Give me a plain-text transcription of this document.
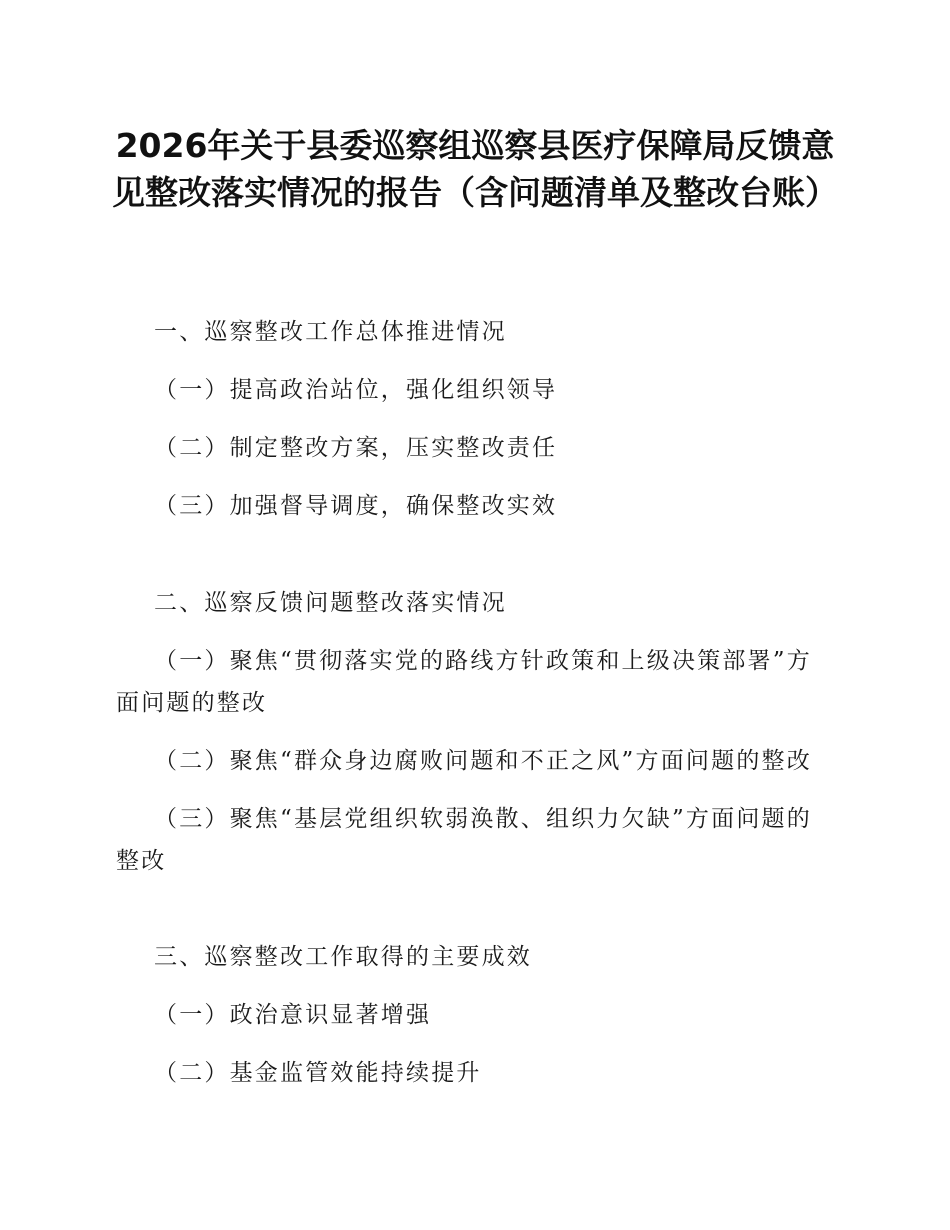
2026年关于县委巡察组巡察县医疗保障局反馈意见整改落实情况的报告（含问题清单及整改台账）

一、巡察整改工作总体推进情况

（一）提高政治站位，强化组织领导

（二）制定整改方案，压实整改责任

（三）加强督导调度，确保整改实效

二、巡察反馈问题整改落实情况

（一）聚焦“贯彻落实党的路线方针政策和上级决策部署”方面问题的整改

（二）聚焦“群众身边腐败问题和不正之风”方面问题的整改

（三）聚焦“基层党组织软弱涣散、组织力欠缺”方面问题的整改

三、巡察整改工作取得的主要成效

（一）政治意识显著增强

（二）基金监管效能持续提升
